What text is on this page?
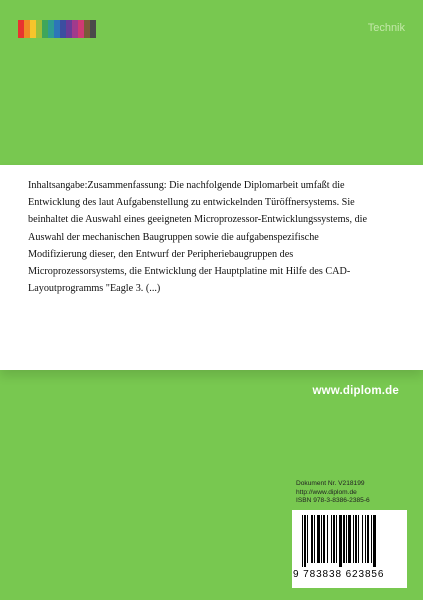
Technik

Inhaltsangabe:Zusammenfassung: Die nachfolgende Diplomarbeit umfaßt die Entwicklung des laut Aufgabenstellung zu entwickelnden Türöffnersystems. Sie beinhaltet die Auswahl eines geeigneten Microprozessor-Entwicklungssystems, die Auswahl der mechanischen Baugruppen sowie die aufgabenspezifische Modifizierung dieser, den Entwurf der Peripheriebaugruppen des Microprozessorsystems, die Entwicklung der Hauptplatine mit Hilfe des CAD-Layoutprogramms "Eagle 3. (...)

www.diplom.de
Dokument Nr. V218199
http://www.diplom.de
ISBN 978-3-8386-2385-6
9 783838 623856
